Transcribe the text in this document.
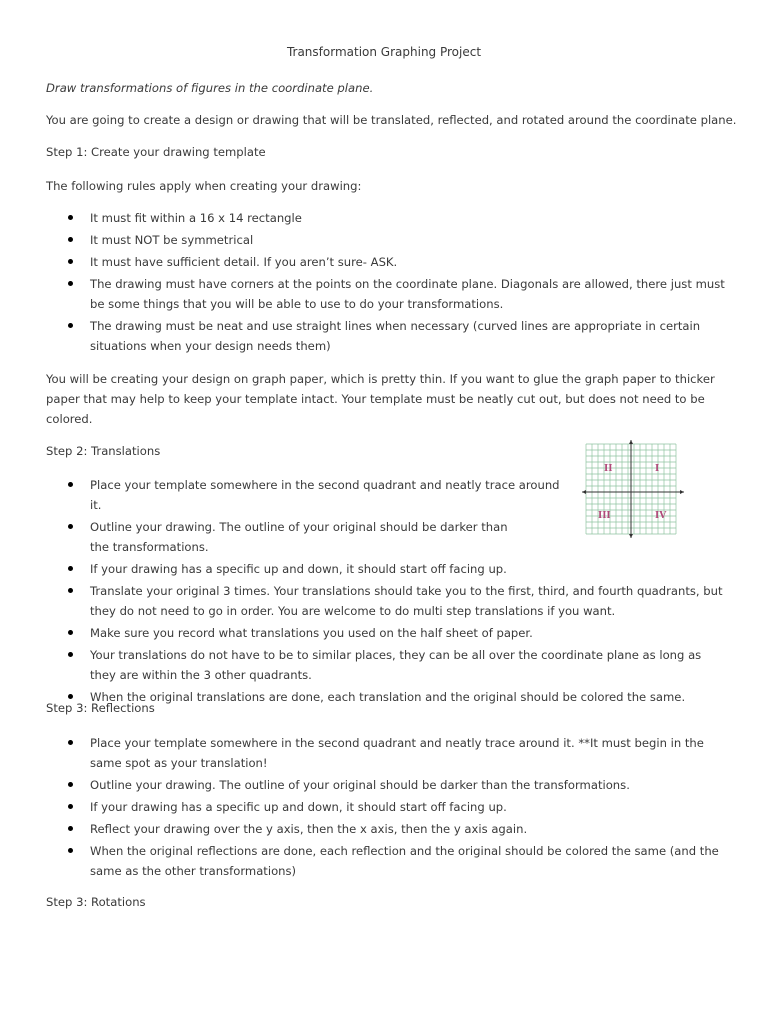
Transformation Graphing Project

Draw transformations of figures in the coordinate plane.

You are going to create a design or drawing that will be translated, reflected, and rotated around the coordinate plane.

Step 1: Create your drawing template

The following rules apply when creating your drawing:

It must fit within a 16 x 14 rectangle
It must NOT be symmetrical
It must have sufficient detail. If you aren’t sure- ASK.
The drawing must have corners at the points on the coordinate plane. Diagonals are allowed, there just must be some things that you will be able to use to do your transformations.
The drawing must be neat and use straight lines when necessary (curved lines are appropriate in certain situations when your design needs them)

You will be creating your design on graph paper, which is pretty thin. If you want to glue the graph paper to thicker paper that may help to keep your template intact. Your template must be neatly cut out, but does not need to be colored.

Step 2: Translations

Place your template somewhere in the second quadrant and neatly trace around it.
Outline your drawing. The outline of your original should be darker than the transformations.
If your drawing has a specific up and down, it should start off facing up.
Translate your original 3 times. Your translations should take you to the first, third, and fourth quadrants, but they do not need to go in order. You are welcome to do multi step translations if you want.
Make sure you record what translations you used on the half sheet of paper.
Your translations do not have to be to similar places, they can be all over the coordinate plane as long as they are within the 3 other quadrants.
When the original translations are done, each translation and the original should be colored the same.
II	I
III	IV

Step 3: Reflections

Place your template somewhere in the second quadrant and neatly trace around it. **It must begin in the same spot as your translation!
Outline your drawing. The outline of your original should be darker than the transformations.
If your drawing has a specific up and down, it should start off facing up.
Reflect your drawing over the y axis, then the x axis, then the y axis again.
When the original reflections are done, each reflection and the original should be colored the same (and the same as the other transformations)

Step 3: Rotations
